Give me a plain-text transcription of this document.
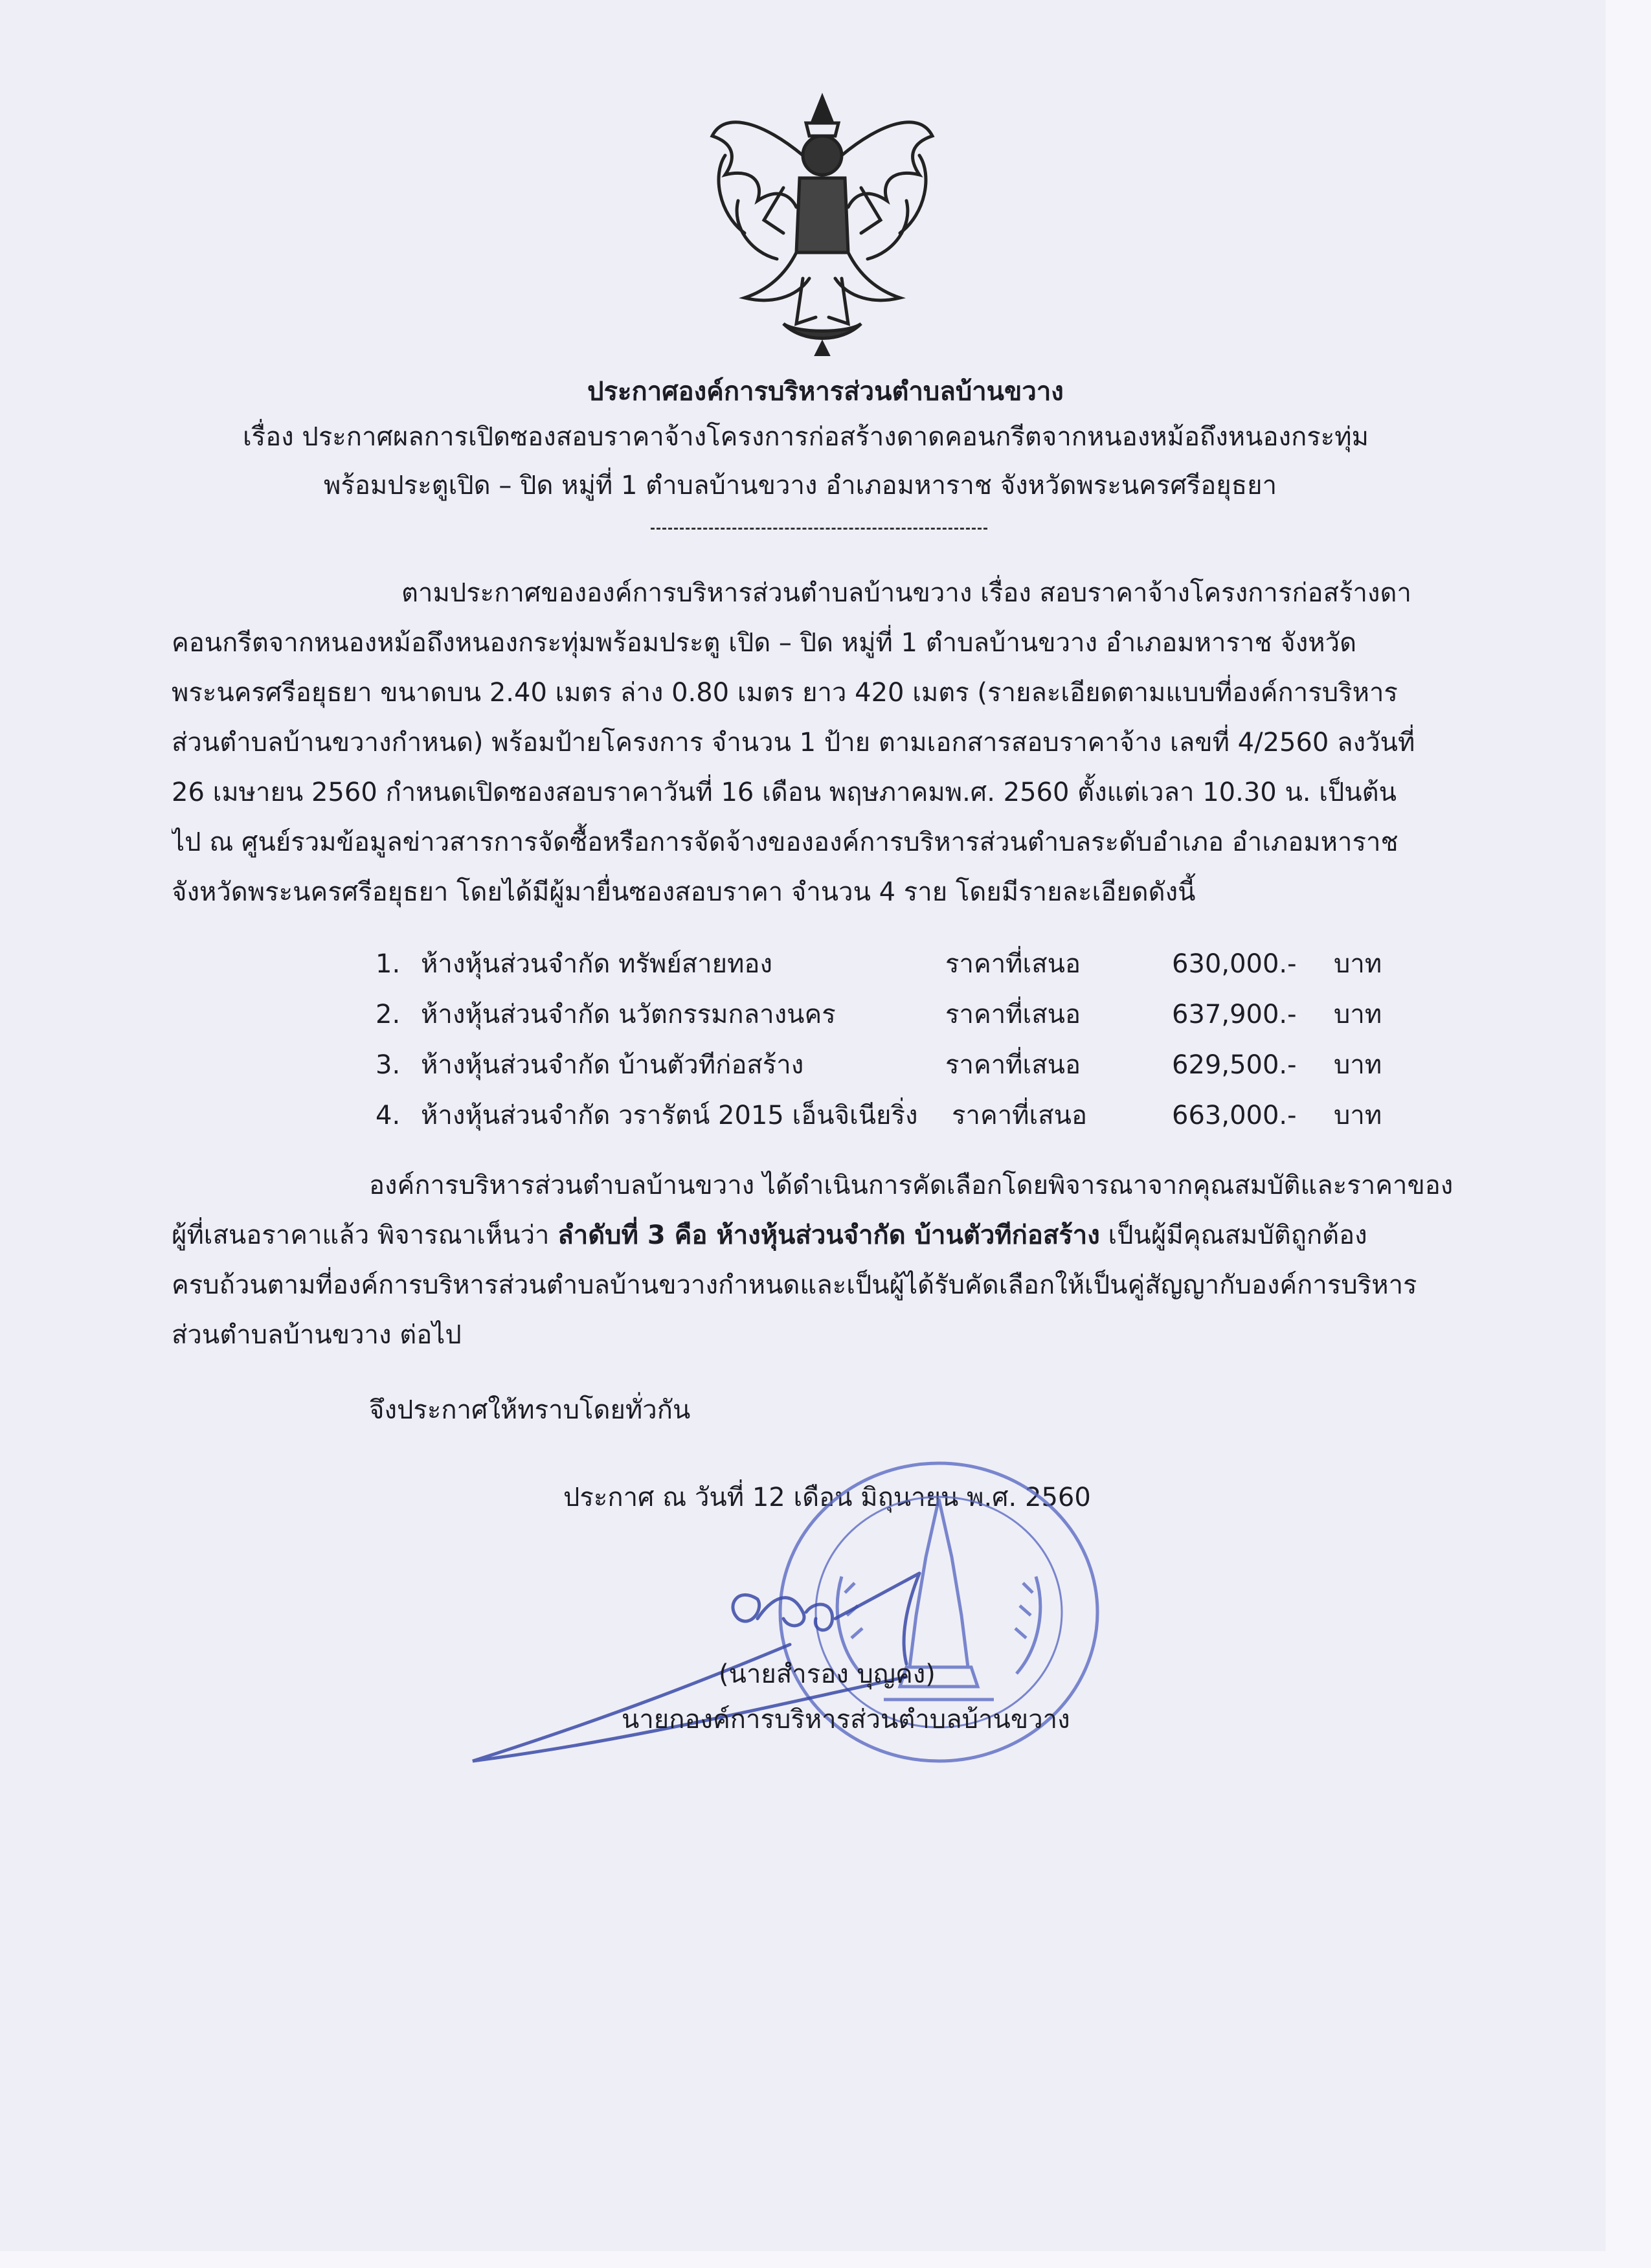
ประกาศองค์การบริหารส่วนตำบลบ้านขวาง
เรื่อง ประกาศผลการเปิดซองสอบราคาจ้างโครงการก่อสร้างดาดคอนกรีตจากหนองหม้อถึงหนองกระทุ่ม
พร้อมประตูเปิด – ปิด หมู่ที่ 1 ตำบลบ้านขวาง อำเภอมหาราช จังหวัดพระนครศรีอยุธยา
ตามประกาศขององค์การบริหารส่วนตำบลบ้านขวาง เรื่อง สอบราคาจ้างโครงการก่อสร้างดา
คอนกรีตจากหนองหม้อถึงหนองกระทุ่มพร้อมประตู เปิด – ปิด หมู่ที่ 1 ตำบลบ้านขวาง อำเภอมหาราช จังหวัด
พระนครศรีอยุธยา ขนาดบน 2.40 เมตร ล่าง 0.80 เมตร ยาว 420 เมตร (รายละเอียดตามแบบที่องค์การบริหาร
ส่วนตำบลบ้านขวางกำหนด) พร้อมป้ายโครงการ จำนวน 1 ป้าย ตามเอกสารสอบราคาจ้าง เลขที่ 4/2560 ลงวันที่
26 เมษายน 2560 กำหนดเปิดซองสอบราคาวันที่ 16 เดือน พฤษภาคมพ.ศ. 2560 ตั้งแต่เวลา 10.30 น. เป็นต้น
ไป ณ ศูนย์รวมข้อมูลข่าวสารการจัดซื้อหรือการจัดจ้างขององค์การบริหารส่วนตำบลระดับอำเภอ อำเภอมหาราช
จังหวัดพระนครศรีอยุธยา โดยได้มีผู้มายื่นซองสอบราคา จำนวน 4 ราย โดยมีรายละเอียดดังนี้
1. ห้างหุ้นส่วนจำกัด ทรัพย์สายทอง	ราคาที่เสนอ	630,000.- บาท
2. ห้างหุ้นส่วนจำกัด นวัตกรรมกลางนคร	ราคาที่เสนอ	637,900.- บาท
3. ห้างหุ้นส่วนจำกัด บ้านตัวทีก่อสร้าง	ราคาที่เสนอ	629,500.- บาท
4. ห้างหุ้นส่วนจำกัด วรารัตน์ 2015 เอ็นจิเนียริ่ง ราคาที่เสนอ	663,000.- บาท
องค์การบริหารส่วนตำบลบ้านขวาง ได้ดำเนินการคัดเลือกโดยพิจารณาจากคุณสมบัติและราคาของ
ผู้ที่เสนอราคาแล้ว พิจารณาเห็นว่า ลำดับที่ 3 คือ ห้างหุ้นส่วนจำกัด บ้านตัวทีก่อสร้าง เป็นผู้มีคุณสมบัติถูกต้อง
ครบถ้วนตามที่องค์การบริหารส่วนตำบลบ้านขวางกำหนดและเป็นผู้ได้รับคัดเลือกให้เป็นคู่สัญญากับองค์การบริหาร
ส่วนตำบลบ้านขวาง ต่อไป
จึงประกาศให้ทราบโดยทั่วกัน
ประกาศ ณ วันที่ 12 เดือน มิถุนายน พ.ศ. 2560
(นายสำรอง บุญคง)
นายกองค์การบริหารส่วนตำบลบ้านขวาง
